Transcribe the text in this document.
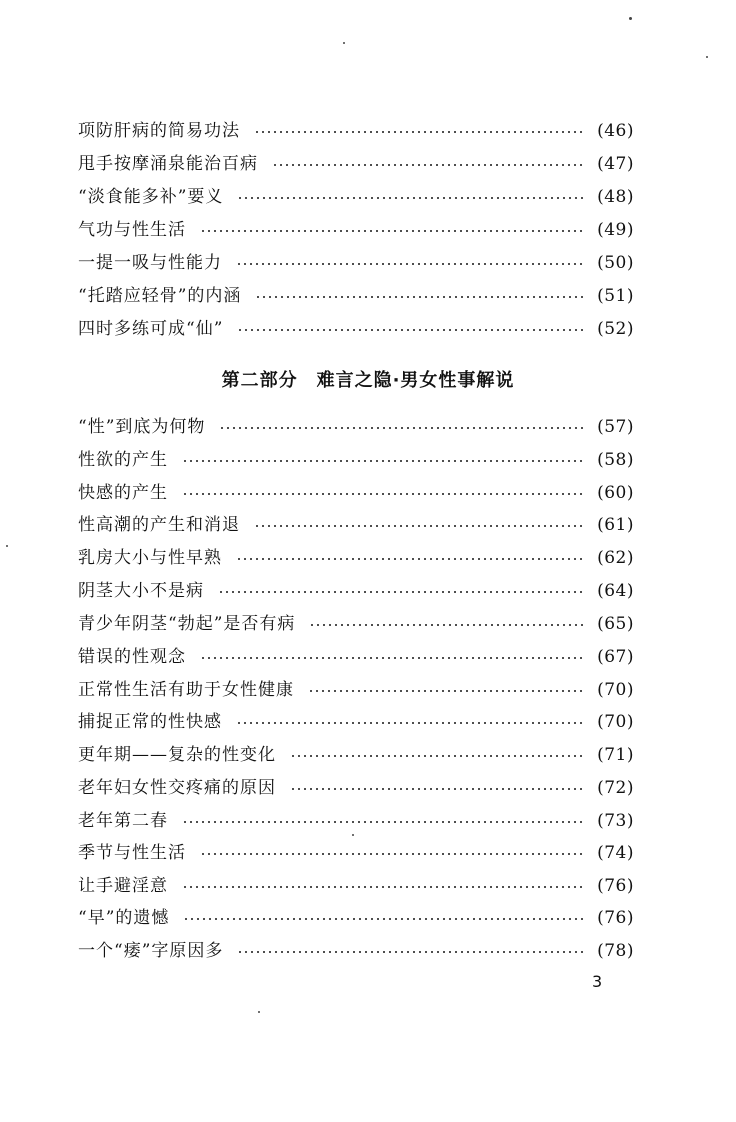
项防肝病的简易功法	(46)
甩手按摩涌泉能治百病	(47)
“淡食能多补”要义	(48)
气功与性生活	(49)
一提一吸与性能力	(50)
“托踏应轻骨”的内涵	(51)
四时多练可成“仙”	(52)
第二部分　难言之隐·男女性事解说
“性”到底为何物	(57)
性欲的产生	(58)
快感的产生	(60)
性高潮的产生和消退	(61)
乳房大小与性早熟	(62)
阴茎大小不是病	(64)
青少年阴茎“勃起”是否有病	(65)
错误的性观念	(67)
正常性生活有助于女性健康	(70)
捕捉正常的性快感	(70)
更年期——复杂的性变化	(71)
老年妇女性交疼痛的原因	(72)
老年第二春	(73)
季节与性生活	(74)
让手避淫意	(76)
“早”的遗憾	(76)
一个“痿”字原因多	(78)
3
